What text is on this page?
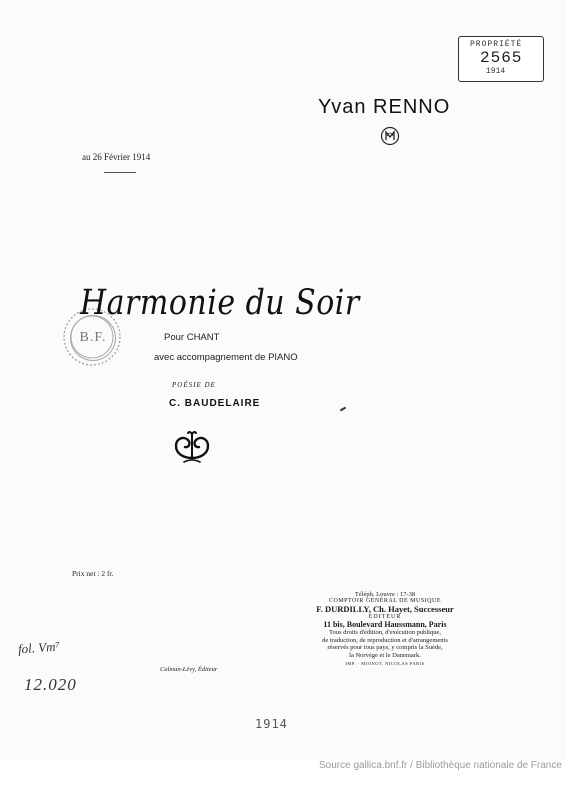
PROPRIÉTÉ
2565
1914
Yvan RENNO
au 26 Février 1914
B.F.
Harmonie du Soir
Pour CHANT
avec accompagnement de PIANO
POÉSIE DE
C. BAUDELAIRE
Prix net : 2 fr.
Téléph. Louvre : 17-38
COMPTOIR GÉNÉRAL DE MUSIQUE
F. DURDILLY, Ch. Hayet, Successeur
ÉDITEUR
11 bis, Boulevard Haussmann, Paris
Tous droits d'édition, d'exécution publique,
de traduction, de reproduction et d'arrangements
réservés pour tous pays, y compris la Suède,
la Norvège et le Danemark.
IMP. · MOINOT, NICOLAS PARIS
Calman-Lévy, Éditeur
fol. Vm⁷
12.020
1914
Source gallica.bnf.fr / Bibliothèque nationale de France
